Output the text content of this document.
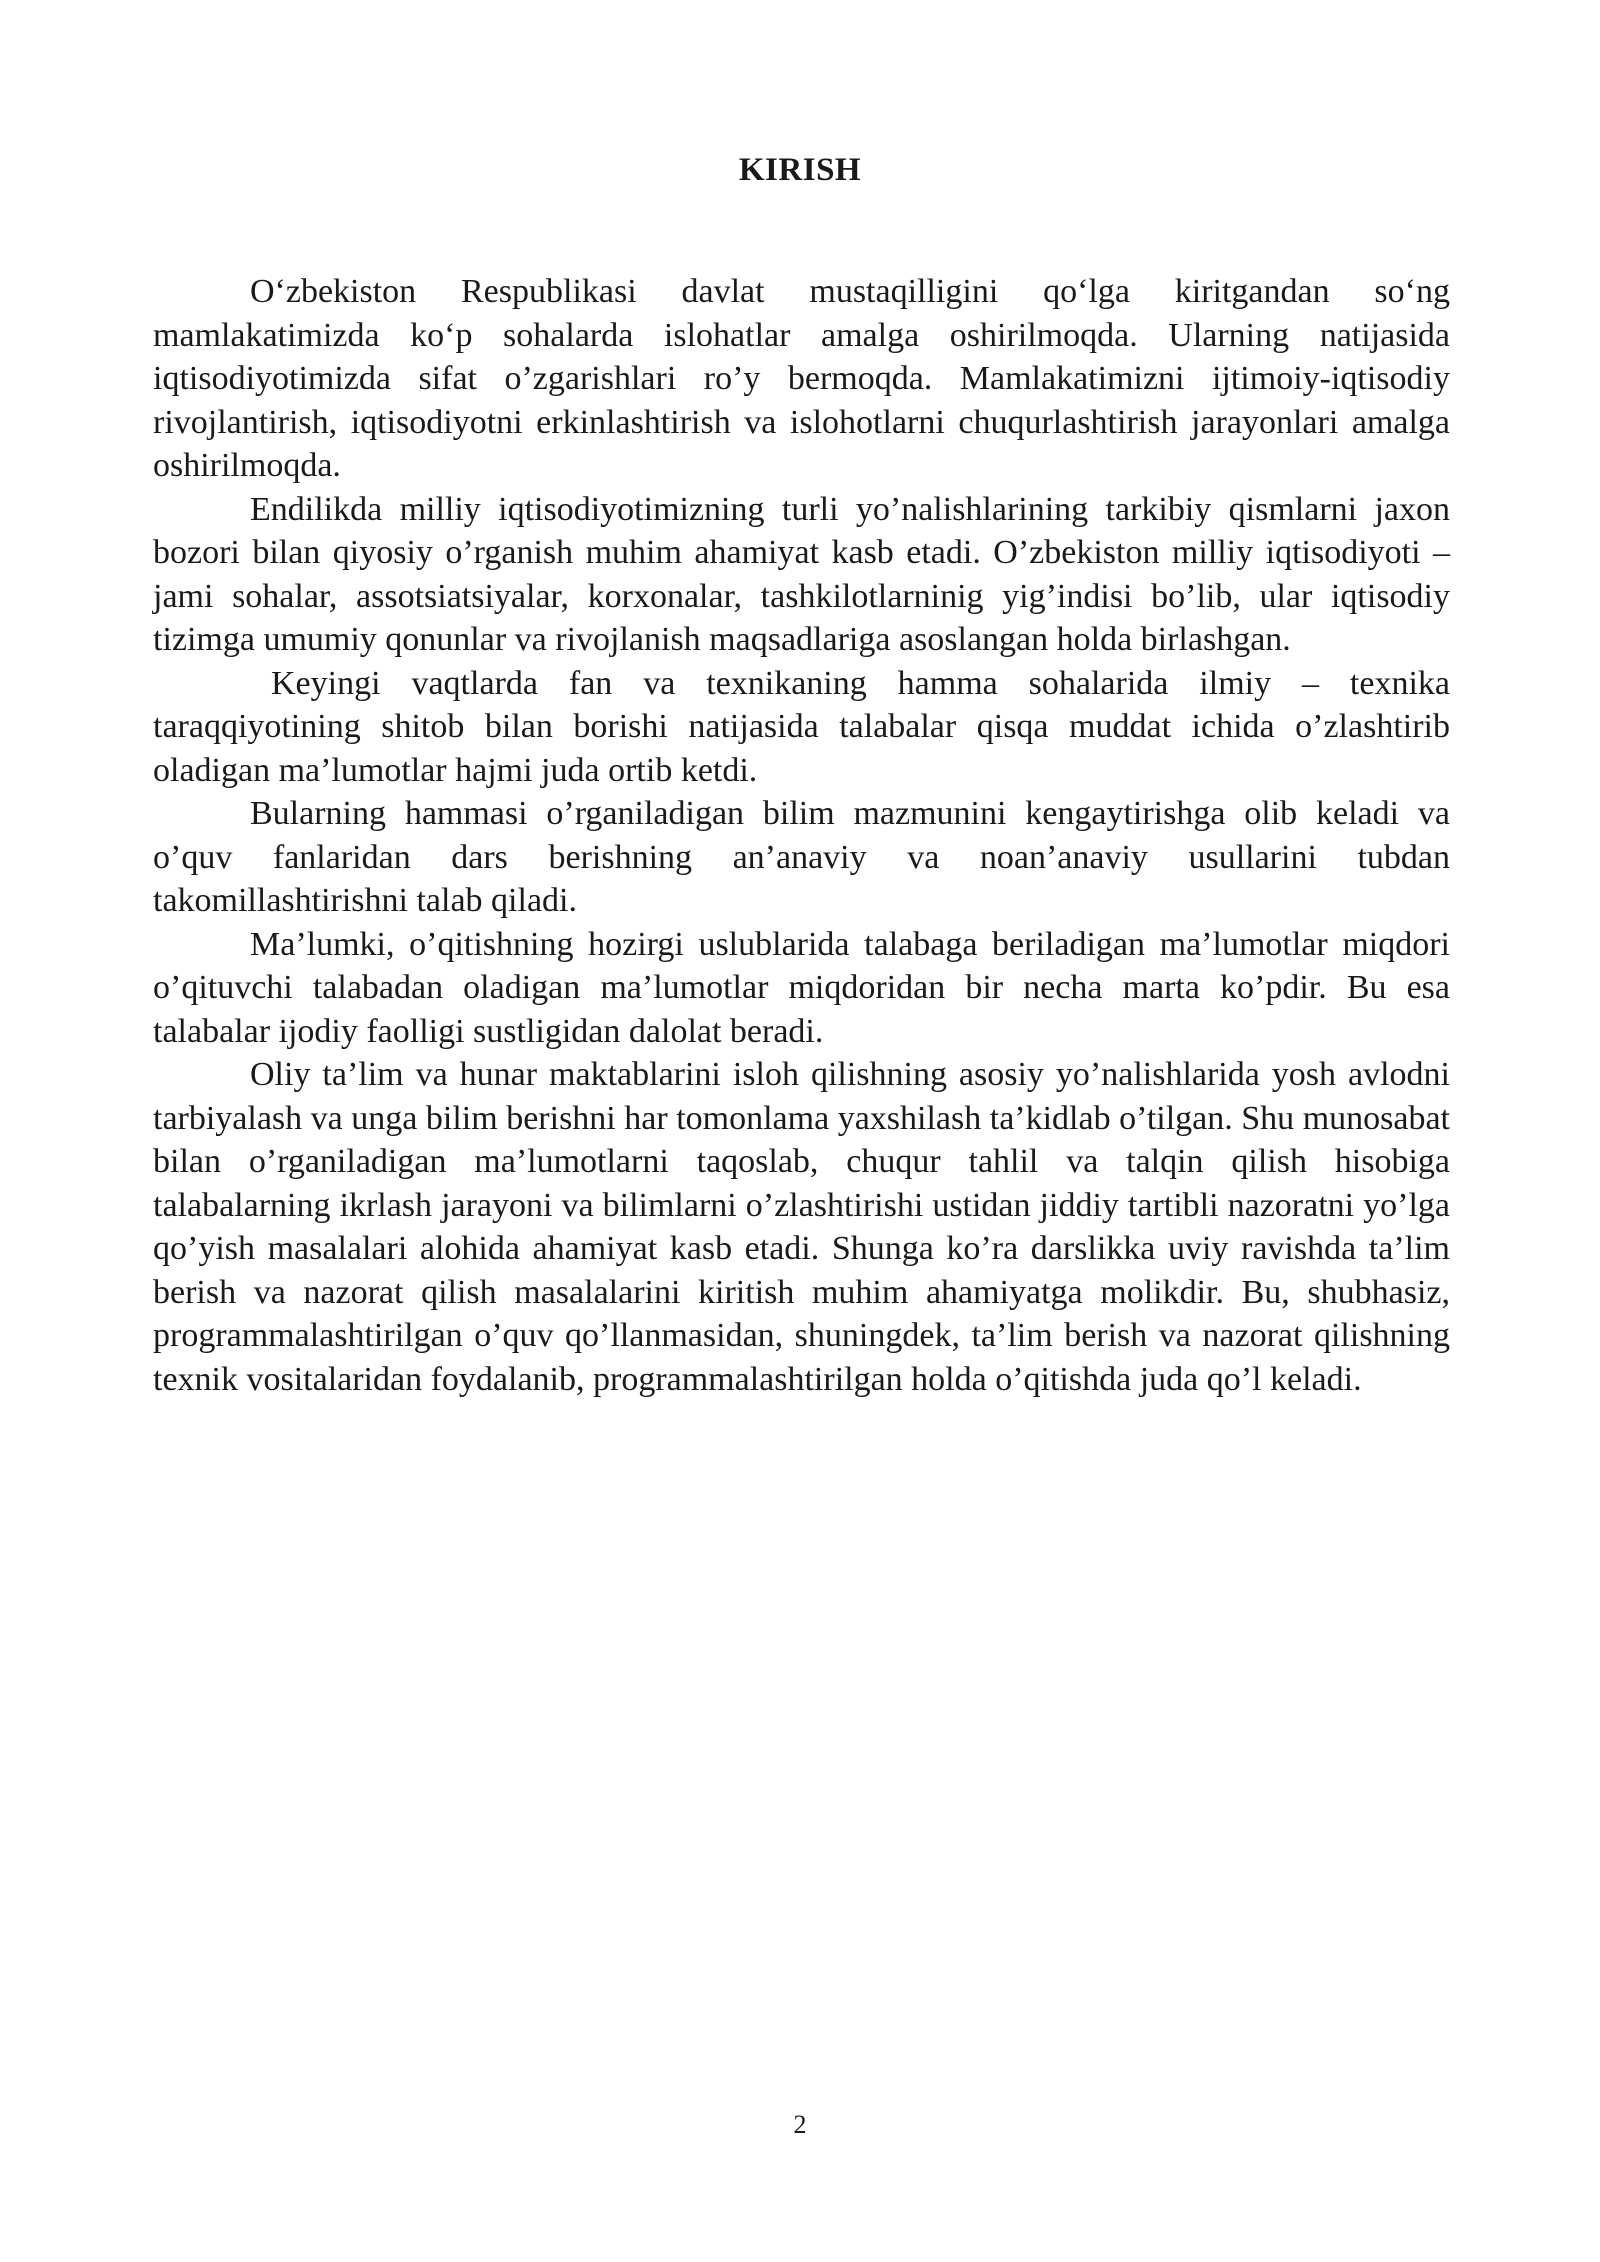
KIRISH

O‘zbekiston Respublikasi davlat mustaqilligini qo‘lga kiritgandan so‘ng mamlakatimizda ko‘p sohalarda islohatlar amalga oshirilmoqda. Ularning natijasida iqtisodiyotimizda sifat o’zgarishlari ro’y bermoqda. Mamlakatimizni ijtimoiy-iqtisodiy rivojlantirish, iqtisodiyotni erkinlashtirish va islohotlarni chuqurlashtirish jarayonlari amalga oshirilmoqda.

Endilikda milliy iqtisodiyotimizning turli yo’nalishlarining tarkibiy qismlarni jaxon bozori bilan qiyosiy o’rganish muhim ahamiyat kasb etadi. O’zbekiston milliy iqtisodiyoti – jami sohalar, assotsiatsiyalar, korxonalar, tashkilotlarninig yig’indisi bo’lib, ular iqtisodiy tizimga umumiy qonunlar va rivojlanish maqsadlariga asoslangan holda birlashgan.

Keyingi vaqtlarda fan va texnikaning hamma sohalarida ilmiy – texnika taraqqiyotining shitob bilan borishi natijasida talabalar qisqa muddat ichida o’zlashtirib oladigan ma’lumotlar hajmi juda ortib ketdi.

Bularning hammasi o’rganiladigan bilim mazmunini kengaytirishga olib keladi va o’quv fanlaridan dars berishning an’anaviy va noan’anaviy usullarini tubdan takomillashtirishni talab qiladi.

Ma’lumki, o’qitishning hozirgi uslublarida talabaga beriladigan ma’lumotlar miqdori o’qituvchi talabadan oladigan ma’lumotlar miqdoridan bir necha marta ko’pdir. Bu esa talabalar ijodiy faolligi sustligidan dalolat beradi.

Oliy ta’lim va hunar maktablarini isloh qilishning asosiy yo’nalishlarida yosh avlodni tarbiyalash va unga bilim berishni har tomonlama yaxshilash ta’kidlab o’tilgan. Shu munosabat bilan o’rganiladigan ma’lumotlarni taqoslab, chuqur tahlil va talqin qilish hisobiga talabalarning ikrlash jarayoni va bilimlarni o’zlashtirishi ustidan jiddiy tartibli nazoratni yo’lga qo’yish masalalari alohida ahamiyat kasb etadi. Shunga ko’ra darslikka uviy ravishda ta’lim berish va nazorat qilish masalalarini kiritish muhim ahamiyatga molikdir. Bu, shubhasiz, programmalashtirilgan o’quv qo’llanmasidan, shuningdek, ta’lim berish va nazorat qilishning texnik vositalaridan foydalanib, programmalashtirilgan holda o’qitishda juda qo’l keladi.

2
